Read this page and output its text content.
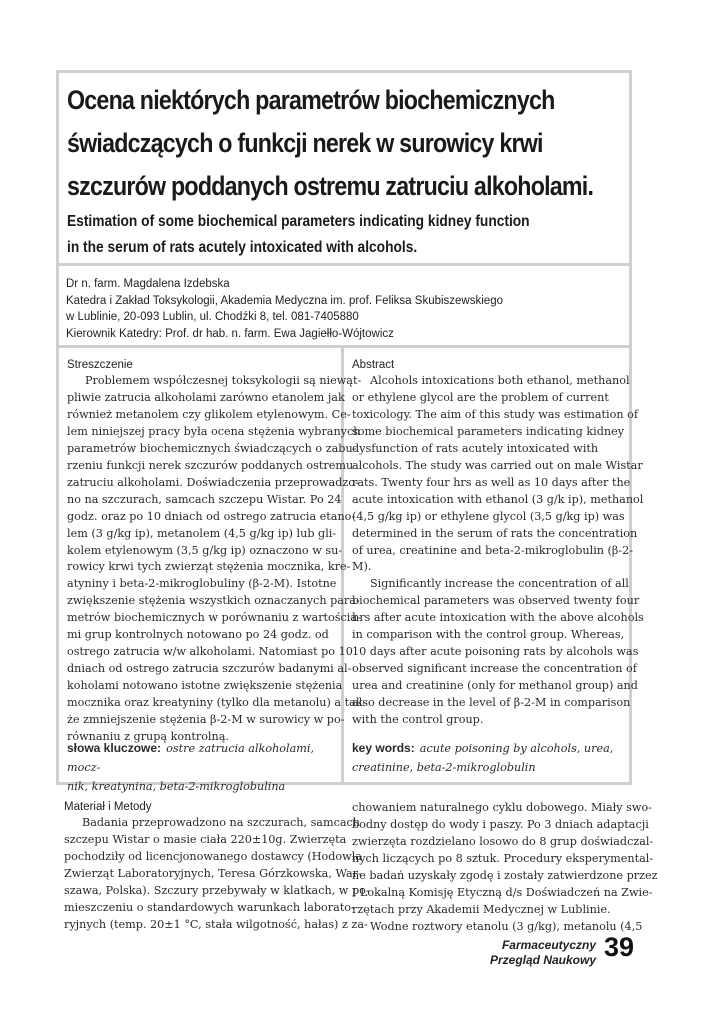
Ocena niektórych parametrów biochemicznych
świadczących o funkcji nerek w surowicy krwi
szczurów poddanych ostremu zatruciu alkoholami.
Estimation of some biochemical parameters indicating kidney function
in the serum of rats acutely intoxicated with alcohols.
Dr n. farm. Magdalena Izdebska
Katedra i Zakład Toksykologii, Akademia Medyczna im. prof. Feliksa Skubiszewskiego
w Lublinie, 20-093 Lublin, ul. Chodźki 8, tel. 081-7405880
Kierownik Katedry: Prof. dr hab. n. farm. Ewa Jagiełło-Wójtowicz
Streszczenie
Problemem współczesnej toksykologii są niewąt-
pliwie zatrucia alkoholami zarówno etanolem jak
również metanolem czy glikolem etylenowym. Ce-
lem niniejszej pracy była ocena stężenia wybranych
parametrów biochemicznych świadczących o zabu-
rzeniu funkcji nerek szczurów poddanych ostremu
zatruciu alkoholami. Doświadczenia przeprowadzo-
no na szczurach, samcach szczepu Wistar. Po 24
godz. oraz po 10 dniach od ostrego zatrucia etano-
lem (3 g/kg ip), metanolem (4,5 g/kg ip) lub gli-
kolem etylenowym (3,5 g/kg ip) oznaczono w su-
rowicy krwi tych zwierząt stężenia mocznika, kre-
atyniny i beta-2-mikroglobuliny (β-2-M). Istotne
zwiększenie stężenia wszystkich oznaczanych para-
metrów biochemicznych w porównaniu z wartościa-
mi grup kontrolnych notowano po 24 godz. od
ostrego zatrucia w/w alkoholami. Natomiast po 10
dniach od ostrego zatrucia szczurów badanymi al-
koholami notowano istotne zwiększenie stężenia
mocznika oraz kreatyniny (tylko dla metanolu) a tak-
że zmniejszenie stężenia β-2-M w surowicy w po-
równaniu z grupą kontrolną.
słowa kluczowe: ostre zatrucia alkoholami, mocz-
nik, kreatynina, beta-2-mikroglobulina
Abstract
Alcohols intoxications both ethanol, methanol
or ethylene glycol are the problem of current
toxicology. The aim of this study was estimation of
some biochemical parameters indicating kidney
dysfunction of rats acutely intoxicated with
alcohols. The study was carried out on male Wistar
rats. Twenty four hrs as well as 10 days after the
acute intoxication with ethanol (3 g/k ip), methanol
(4,5 g/kg ip) or ethylene glycol (3,5 g/kg ip) was
determined in the serum of rats the concentration
of urea, creatinine and beta-2-mikroglobulin (β-2-
M).
Significantly increase the concentration of all
biochemical parameters was observed twenty four
hrs after acute intoxication with the above alcohols
in comparison with the control group. Whereas,
10 days after acute poisoning rats by alcohols was
observed significant increase the concentration of
urea and creatinine (only for methanol group) and
also decrease in the level of β-2-M in comparison
with the control group.
key words: acute poisoning by alcohols, urea,
creatinine, beta-2-mikroglobulin
Materiał i Metody
Badania przeprowadzono na szczurach, samcach
szczepu Wistar o masie ciała 220±10g. Zwierzęta
pochodziły od licencjonowanego dostawcy (Hodowla
Zwierząt Laboratoryjnych, Teresa Górzkowska, War-
szawa, Polska). Szczury przebywały w klatkach, w po-
mieszczeniu o standardowych warunkach laborato-
ryjnych (temp. 20±1 °C, stała wilgotność, hałas) z za-
chowaniem naturalnego cyklu dobowego. Miały swo-
bodny dostęp do wody i paszy. Po 3 dniach adaptacji
zwierzęta rozdzielano losowo do 8 grup doświadczal-
nych liczących po 8 sztuk. Procedury eksperymental-
ne badań uzyskały zgodę i zostały zatwierdzone przez
I Lokalną Komisję Etyczną d/s Doświadczeń na Zwie-
rzętach przy Akademii Medycznej w Lublinie.
Wodne roztwory etanolu (3 g/kg), metanolu (4,5
Farmaceutyczny
Przegląd Naukowy 39
